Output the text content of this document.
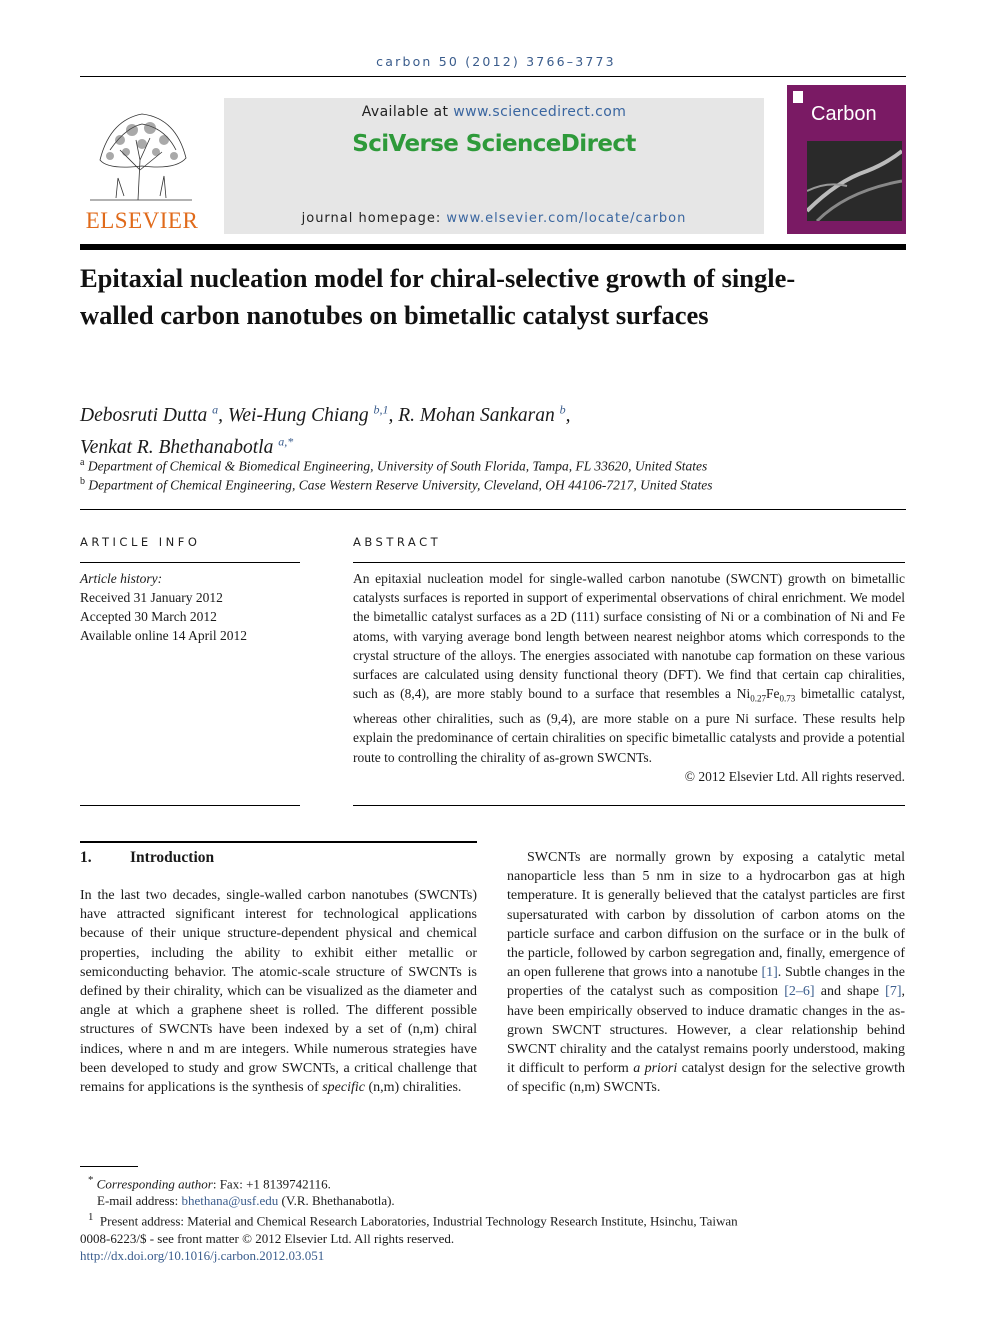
carbon 50 (2012) 3766–3773
ELSEVIER
Available at www.sciencedirect.com
SciVerse ScienceDirect
journal homepage: www.elsevier.com/locate/carbon
Carbon
Epitaxial nucleation model for chiral-selective growth of single-walled carbon nanotubes on bimetallic catalyst surfaces
Debosruti Dutta $^a$, Wei-Hung Chiang $^{b,1}$, R. Mohan Sankaran $^b$,
Venkat R. Bhethanabotla $^{a,*}$
$^a$ Department of Chemical & Biomedical Engineering, University of South Florida, Tampa, FL 33620, United States
$^b$ Department of Chemical Engineering, Case Western Reserve University, Cleveland, OH 44106-7217, United States
ARTICLE INFO
Article history:
Received 31 January 2012
Accepted 30 March 2012
Available online 14 April 2012
ABSTRACT
An epitaxial nucleation model for single-walled carbon nanotube (SWCNT) growth on bimetallic catalysts surfaces is reported in support of experimental observations of chiral enrichment. We model the bimetallic catalyst surfaces as a 2D (111) surface consisting of Ni or a combination of Ni and Fe atoms, with varying average bond length between nearest neighbor atoms which corresponds to the crystal structure of the alloys. The energies associated with nanotube cap formation on these various surfaces are calculated using density functional theory (DFT). We find that certain cap chiralities, such as (8,4), are more stably bound to a surface that resembles a $Ni_{0.27}Fe_{0.73}$ bimetallic catalyst, whereas other chiralities, such as (9,4), are more stable on a pure Ni surface. These results help explain the predominance of certain chiralities on specific bimetallic catalysts and provide a potential route to controlling the chirality of as-grown SWCNTs.
© 2012 Elsevier Ltd. All rights reserved.
1. Introduction
In the last two decades, single-walled carbon nanotubes (SWCNTs) have attracted significant interest for technological applications because of their unique structure-dependent physical and chemical properties, including the ability to exhibit either metallic or semiconducting behavior. The atomic-scale structure of SWCNTs is defined by their chirality, which can be visualized as the diameter and angle at which a graphene sheet is rolled. The different possible structures of SWCNTs have been indexed by a set of (n,m) chiral indices, where n and m are integers. While numerous strategies have been developed to study and grow SWCNTs, a critical challenge that remains for applications is the synthesis of specific (n,m) chiralities.
SWCNTs are normally grown by exposing a catalytic metal nanoparticle less than 5 nm in size to a hydrocarbon gas at high temperature. It is generally believed that the catalyst particles are first supersaturated with carbon by dissolution of carbon atoms on the particle surface and carbon diffusion on the surface or in the bulk of the particle, followed by carbon segregation and, finally, emergence of an open fullerene that grows into a nanotube [1]. Subtle changes in the properties of the catalyst such as composition [2–6] and shape [7], have been empirically observed to induce dramatic changes in the as-grown SWCNT structures. However, a clear relationship behind SWCNT chirality and the catalyst remains poorly understood, making it difficult to perform a priori catalyst design for the selective growth of specific (n,m) SWCNTs.
* Corresponding author: Fax: +1 8139742116.
E-mail address: bhethana@usf.edu (V.R. Bhethanabotla).
$^1$ Present address: Material and Chemical Research Laboratories, Industrial Technology Research Institute, Hsinchu, Taiwan
0008-6223/$ - see front matter © 2012 Elsevier Ltd. All rights reserved.
http://dx.doi.org/10.1016/j.carbon.2012.03.051
